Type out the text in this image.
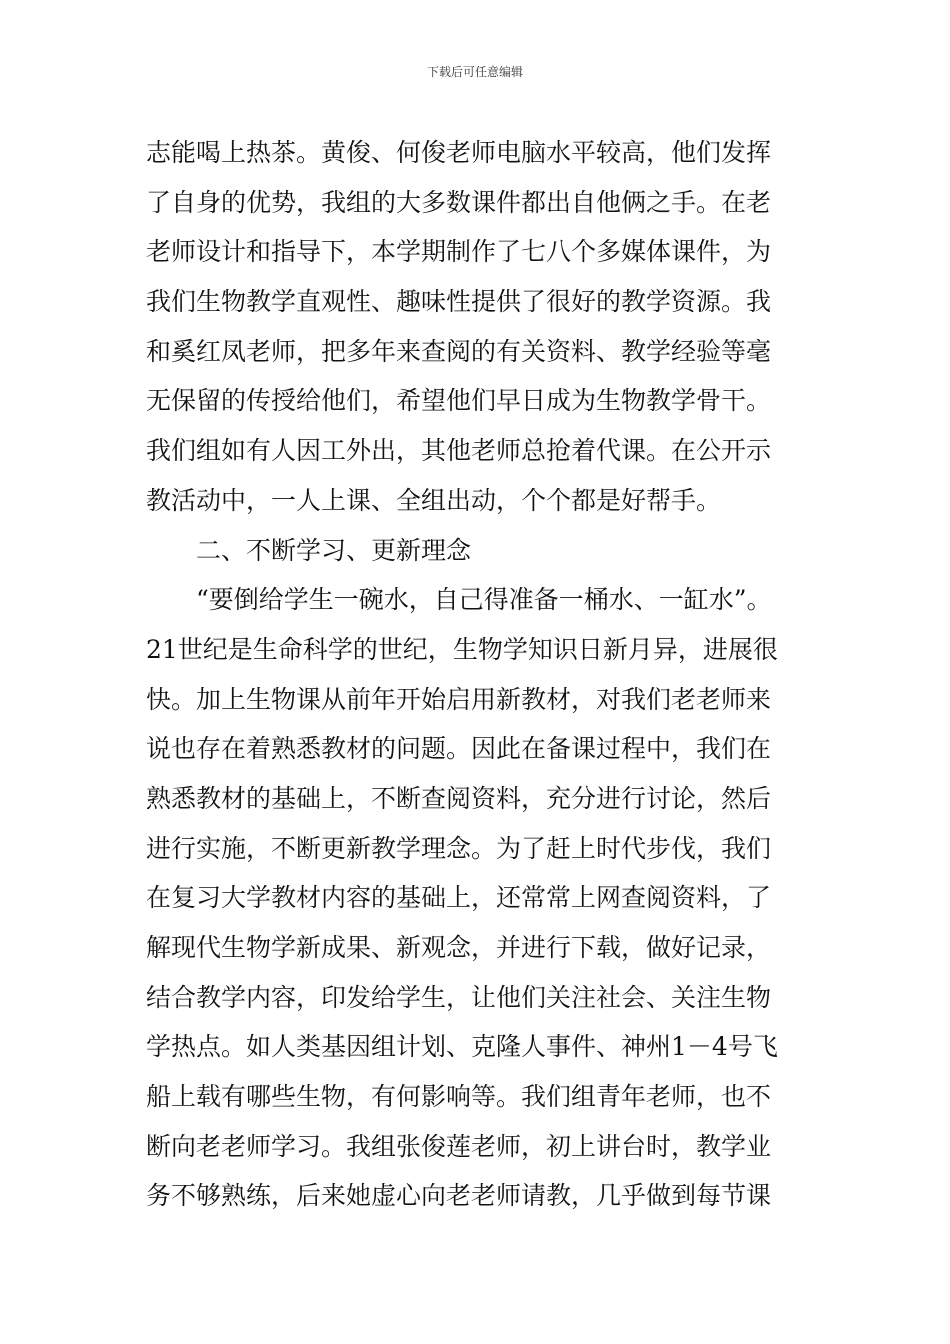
下载后可任意编辑
志能喝上热茶。黄俊、何俊老师电脑水平较高，他们发挥
了自身的优势，我组的大多数课件都出自他俩之手。在老
老师设计和指导下，本学期制作了七八个多媒体课件，为
我们生物教学直观性、趣味性提供了很好的教学资源。我
和奚红凤老师，把多年来查阅的有关资料、教学经验等毫
无保留的传授给他们，希望他们早日成为生物教学骨干。
我们组如有人因工外出，其他老师总抢着代课。在公开示
教活动中，一人上课、全组出动，个个都是好帮手。
二、不断学习、更新理念
“要倒给学生一碗水，自己得准备一桶水、一缸水”。
21世纪是生命科学的世纪，生物学知识日新月异，进展很
快。加上生物课从前年开始启用新教材，对我们老老师来
说也存在着熟悉教材的问题。因此在备课过程中，我们在
熟悉教材的基础上，不断查阅资料，充分进行讨论，然后
进行实施，不断更新教学理念。为了赶上时代步伐，我们
在复习大学教材内容的基础上，还常常上网查阅资料，了
解现代生物学新成果、新观念，并进行下载，做好记录，
结合教学内容，印发给学生，让他们关注社会、关注生物
学热点。如人类基因组计划、克隆人事件、神州1－4号飞
船上载有哪些生物，有何影响等。我们组青年老师，也不
断向老老师学习。我组张俊莲老师，初上讲台时，教学业
务不够熟练，后来她虚心向老老师请教，几乎做到每节课
